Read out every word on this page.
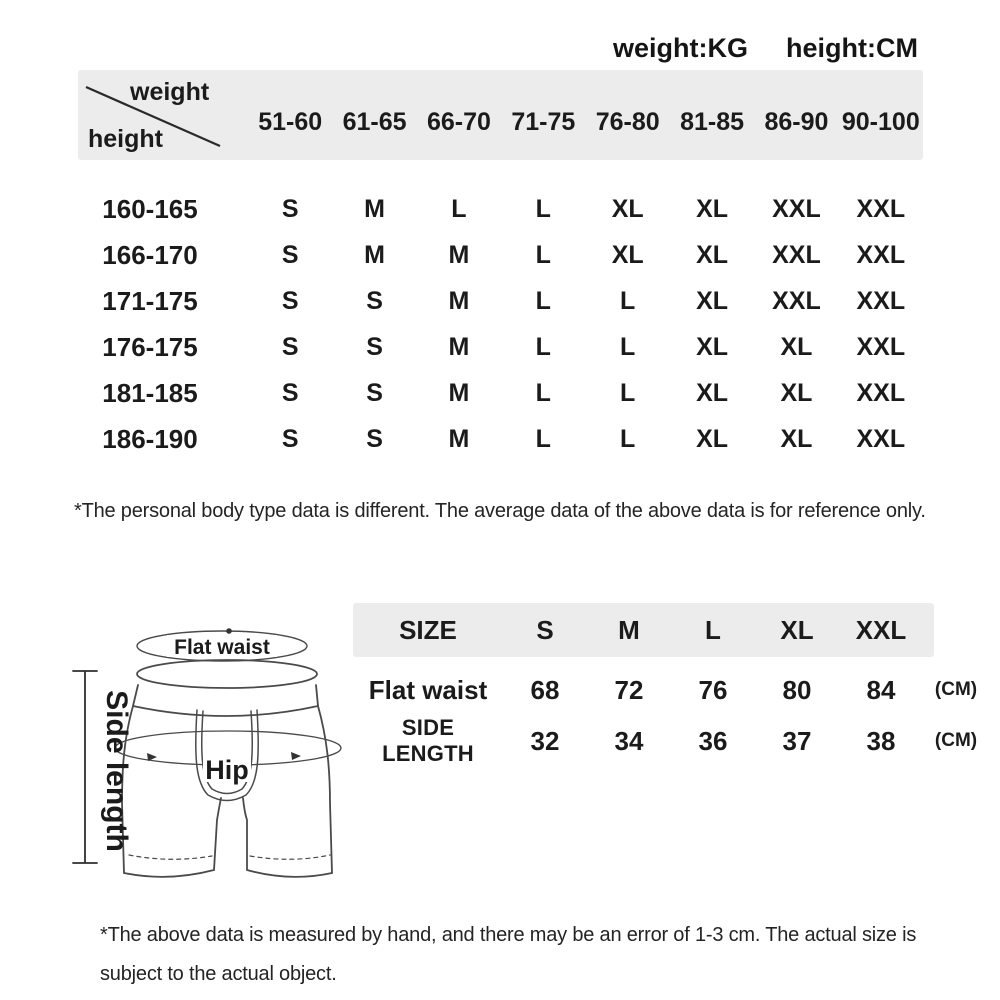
weight:KG height:CM
weight
height
51-60 61-65 66-70 71-75 76-80 81-85 86-90 90-100
160-165	S	M	L	L	XL	XL	XXL	XXL
166-170	S	M	M	L	XL	XL	XXL	XXL
171-175	S	S	M	L	L	XL	XXL	XXL
176-175	S	S	M	L	L	XL	XL	XXL
181-185	S	S	M	L	L	XL	XL	XXL
186-190	S	S	M	L	L	XL	XL	XXL
*The personal body type data is different. The average data of the above data is for reference only.
Flat waist
Hip
Side length
SIZE	S	M	L	XL	XXL
Flat waist	68	72	76	80	84	(CM)
SIDE LENGTH	32	34	36	37	38	(CM)
*The above data is measured by hand, and there may be an error of 1-3 cm. The actual size is subject to the actual object.
